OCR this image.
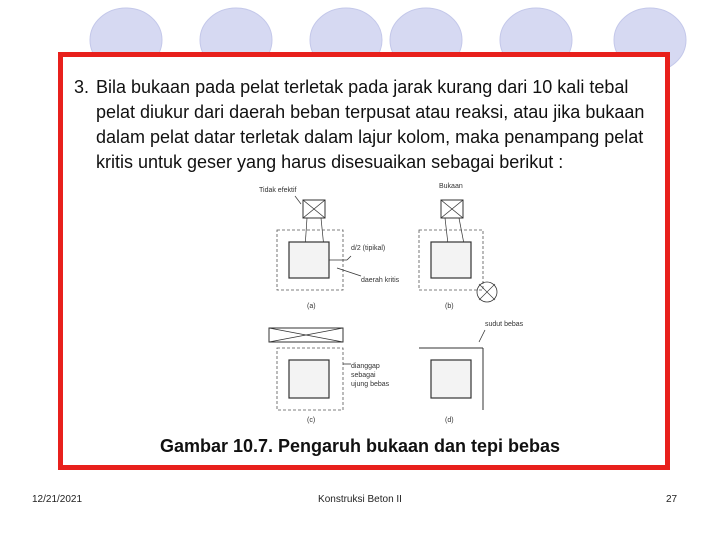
3. Bila bukaan pada pelat terletak pada jarak kurang dari 10 kali tebal pelat diukur dari daerah beban terpusat atau reaksi, atau jika bukaan dalam pelat datar terletak dalam lajur kolom, maka penampang pelat kritis untuk geser yang harus disesuaikan sebagai berikut :
Tidak efektif
d/2 (tipikal)
daerah kritis
(a)
Bukaan
(b)
dianggap
sebagai
ujung bebas
(c)
sudut bebas
(d)
Gambar 10.7. Pengaruh bukaan dan tepi bebas
12/21/2021	Konstruksi Beton II	27
